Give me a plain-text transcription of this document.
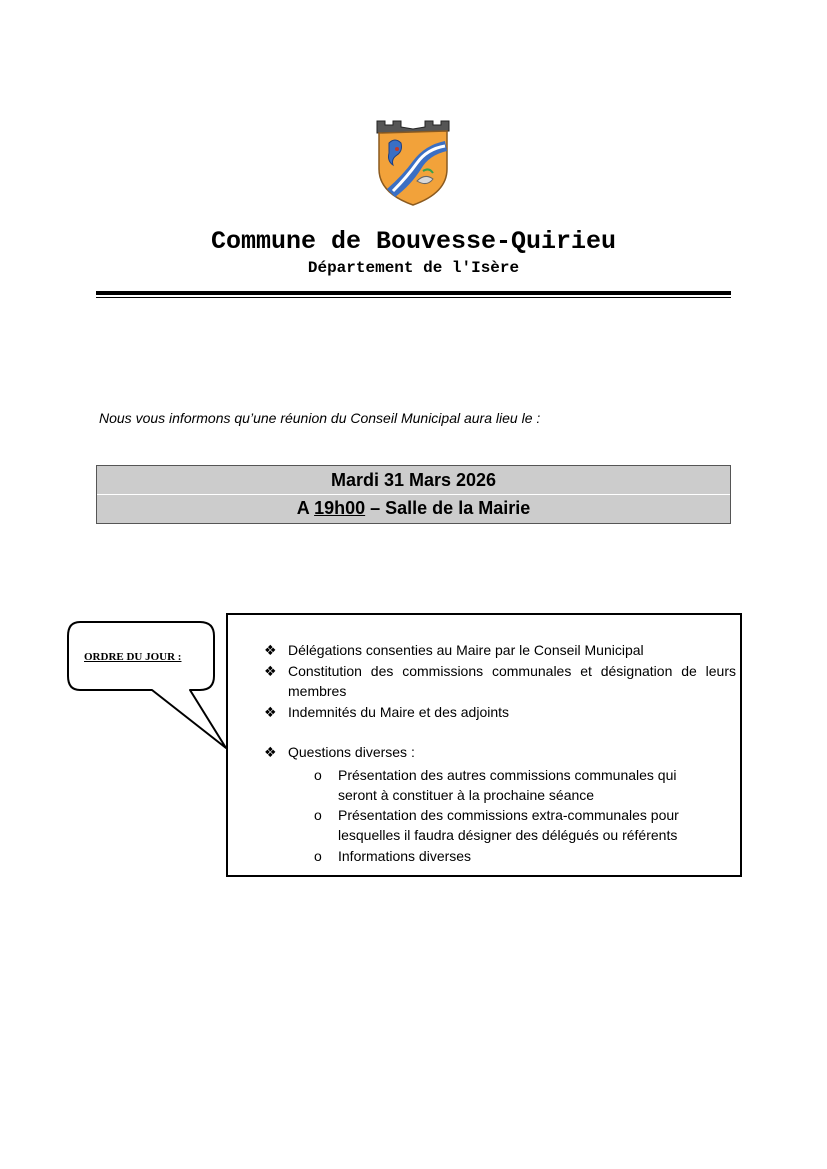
Commune de Bouvesse-Quirieu
Département de l'Isère
Nous vous informons qu’une réunion du Conseil Municipal aura lieu le :
Mardi 31 Mars 2026
A 19h00 – Salle de la Mairie
ORDRE DU JOUR :	❖ Délégations consenties au Maire par le Conseil Municipal
❖ Constitution des commissions communales et désignation de leurs membres
❖ Indemnités du Maire et des adjoints
❖ Questions diverses :
o Présentation des autres commissions communales qui seront à constituer à la prochaine séance
o Présentation des commissions extra-communales pour lesquelles il faudra désigner des délégués ou référents
o Informations diverses
